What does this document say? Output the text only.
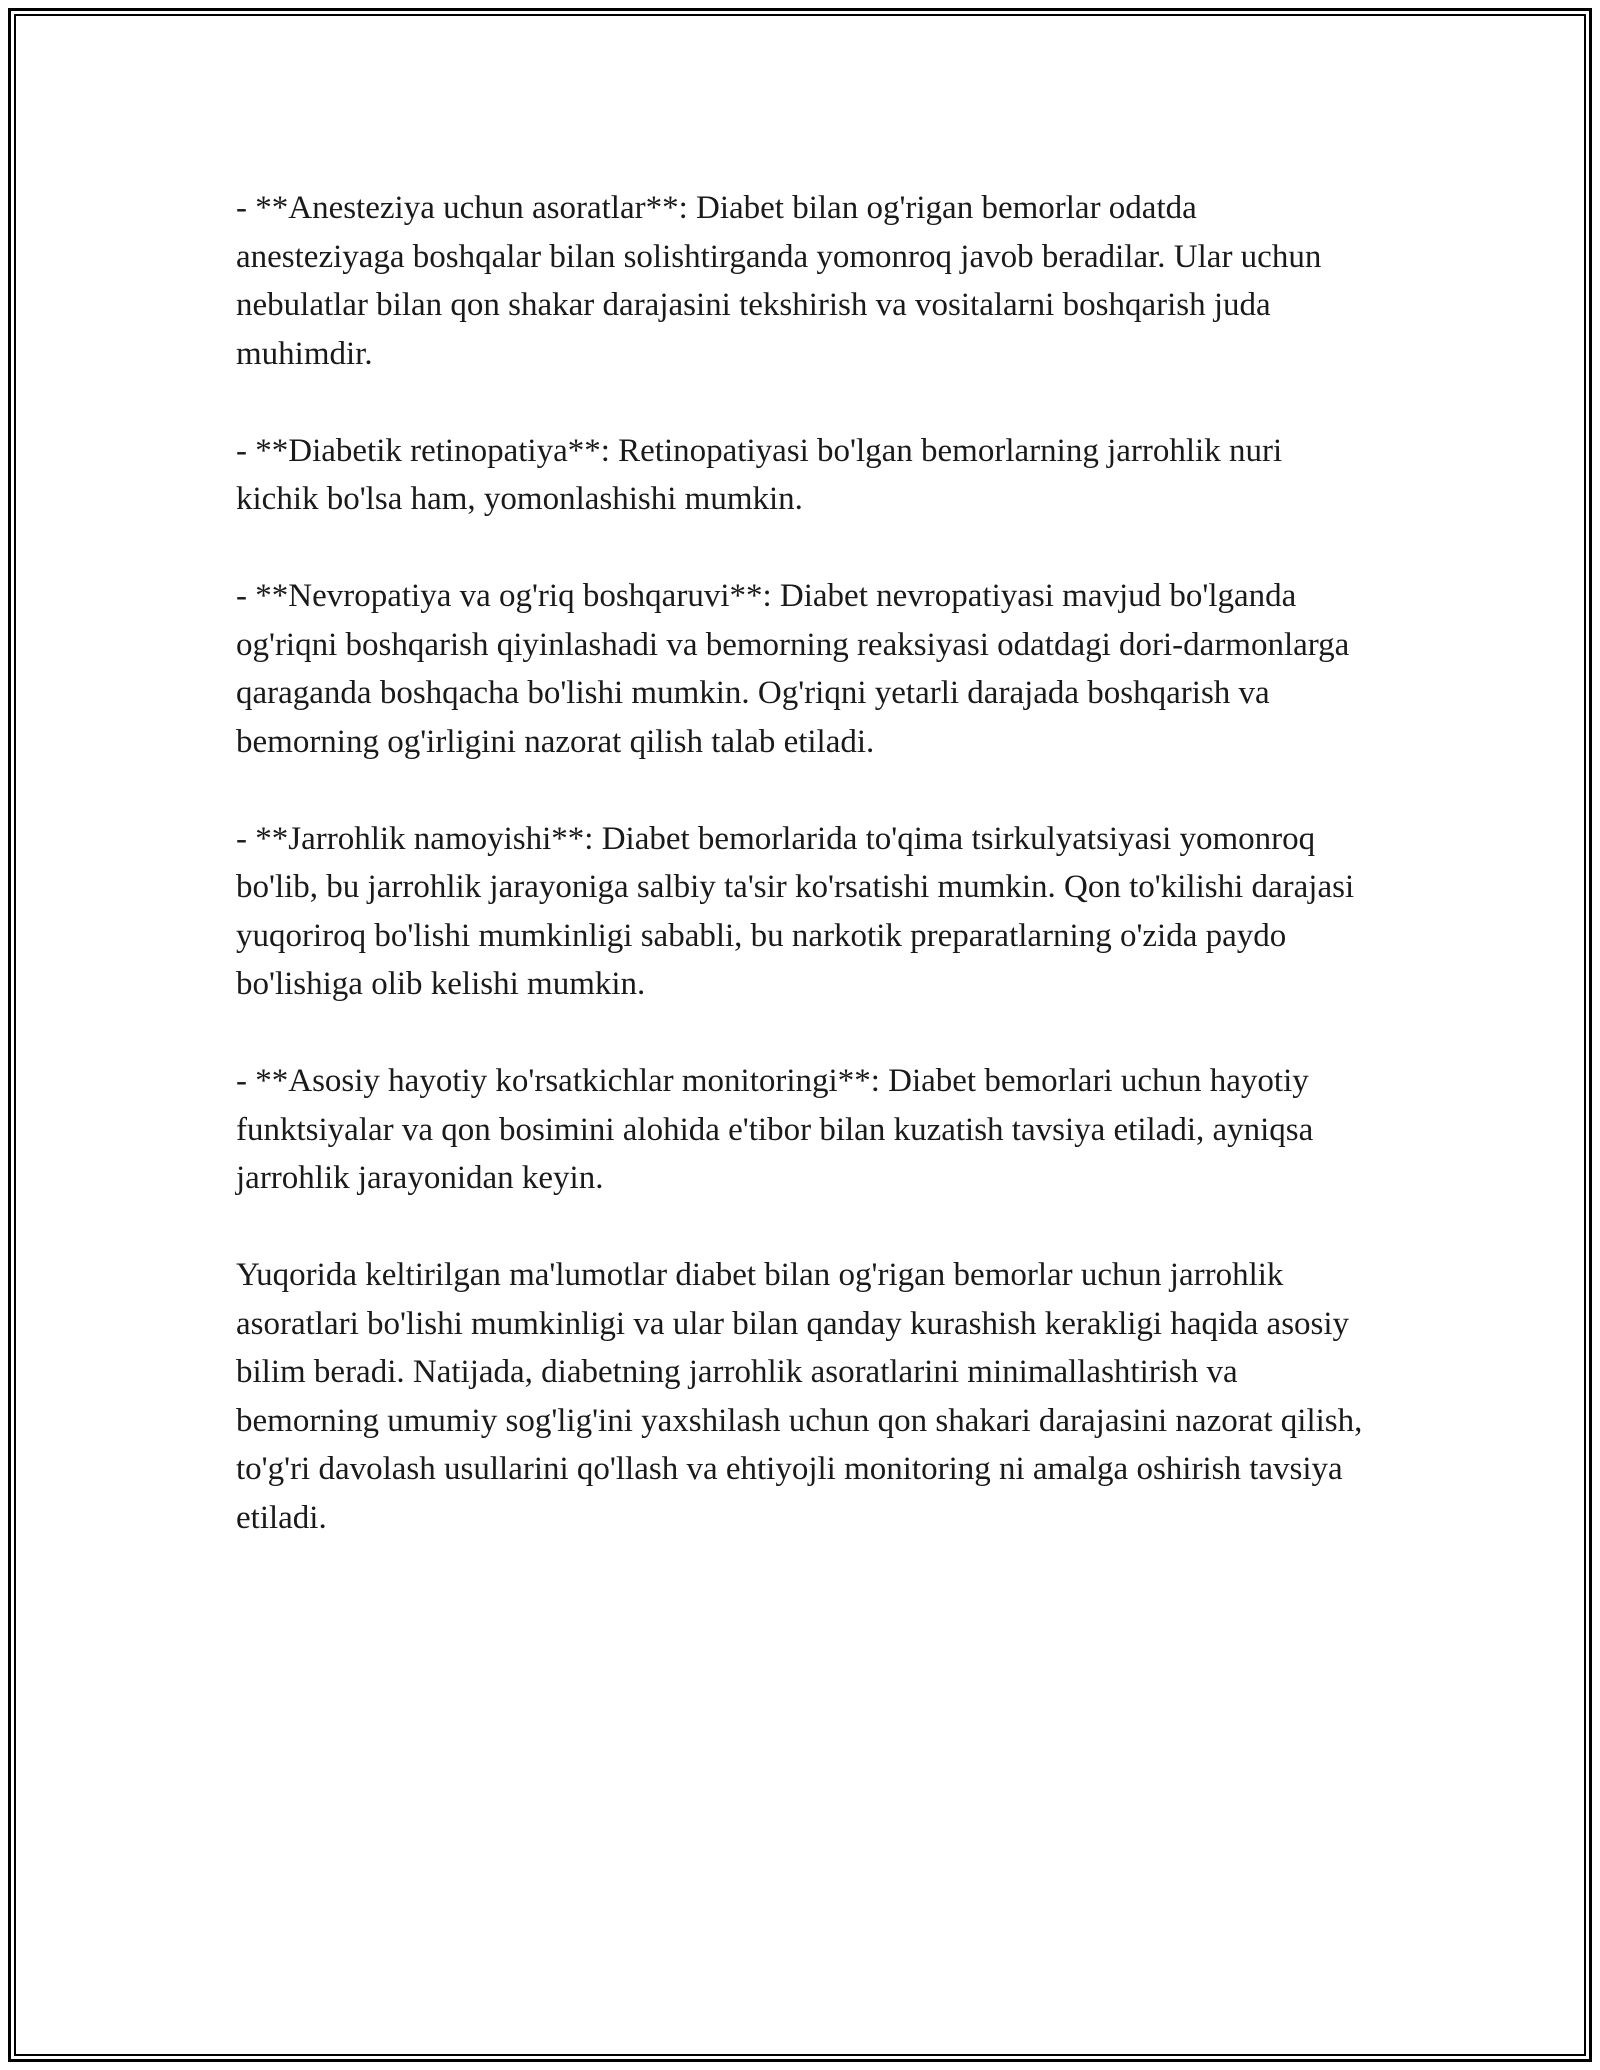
- **Anesteziya uchun asoratlar**: Diabet bilan og'rigan bemorlar odatda anesteziyaga boshqalar bilan solishtirganda yomonroq javob beradilar. Ular uchun nebulatlar bilan qon shakar darajasini tekshirish va vositalarni boshqarish juda muhimdir.

- **Diabetik retinopatiya**: Retinopatiyasi bo'lgan bemorlarning jarrohlik nuri kichik bo'lsa ham, yomonlashishi mumkin.

- **Nevropatiya va og'riq boshqaruvi**: Diabet nevropatiyasi mavjud bo'lganda og'riqni boshqarish qiyinlashadi va bemorning reaksiyasi odatdagi dori-darmonlarga qaraganda boshqacha bo'lishi mumkin. Og'riqni yetarli darajada boshqarish va bemorning og'irligini nazorat qilish talab etiladi.

- **Jarrohlik namoyishi**: Diabet bemorlarida to'qima tsirkulyatsiyasi yomonroq bo'lib, bu jarrohlik jarayoniga salbiy ta'sir ko'rsatishi mumkin. Qon to'kilishi darajasi yuqoriroq bo'lishi mumkinligi sababli, bu narkotik preparatlarning o'zida paydo bo'lishiga olib kelishi mumkin.

- **Asosiy hayotiy ko'rsatkichlar monitoringi**: Diabet bemorlari uchun hayotiy funktsiyalar va qon bosimini alohida e'tibor bilan kuzatish tavsiya etiladi, ayniqsa jarrohlik jarayonidan keyin.

Yuqorida keltirilgan ma'lumotlar diabet bilan og'rigan bemorlar uchun jarrohlik asoratlari bo'lishi mumkinligi va ular bilan qanday kurashish kerakligi haqida asosiy bilim beradi. Natijada, diabetning jarrohlik asoratlarini minimallashtirish va bemorning umumiy sog'lig'ini yaxshilash uchun qon shakari darajasini nazorat qilish, to'g'ri davolash usullarini qo'llash va ehtiyojli monitoring ni amalga oshirish tavsiya etiladi.
